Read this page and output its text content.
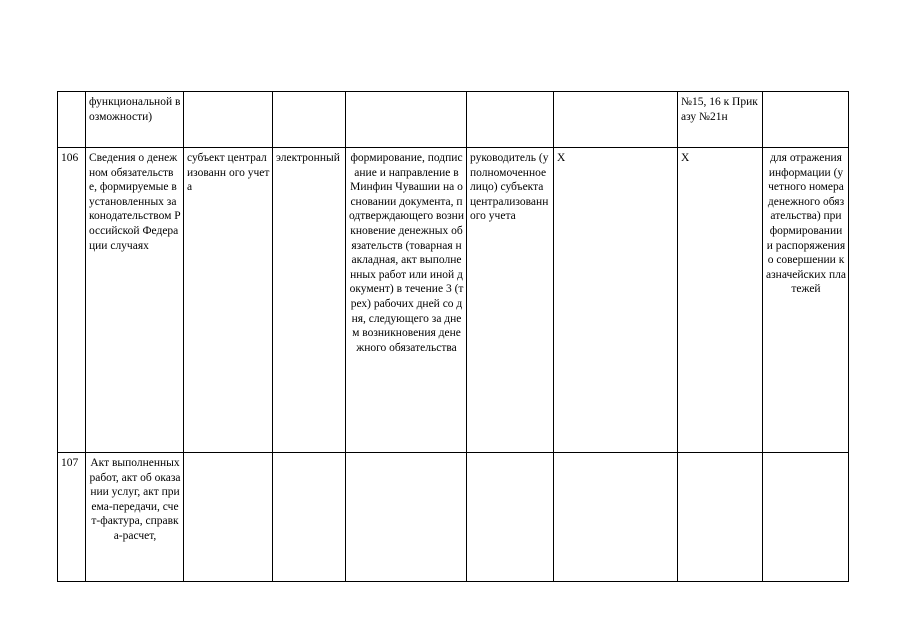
	функциональной возможности)						№15, 16 к Приказу №21н	
106	Сведения о денежном обязательстве, формируемые в установленных законодательством Российской Федерации случаях	субъект централизованн ого учета	электронный	формирование, подписание и направление в Минфин Чувашии на основании документа, подтверждающего возникновение денежных обязательств (товарная накладная, акт выполненных работ или иной документ) в течение 3 (трех) рабочих дней со дня, следующего за днем возникновения денежного обязательства	руководитель (уполномоченное лицо) субъекта централизованного учета	Х	Х	для отражения информации (учетного номера денежного обязательства) при формировании и распоряжения о совершении казначейских платежей
107	Акт выполненных работ, акт об оказании услуг, акт приема-передачи, счет-фактура, справка-расчет,							
